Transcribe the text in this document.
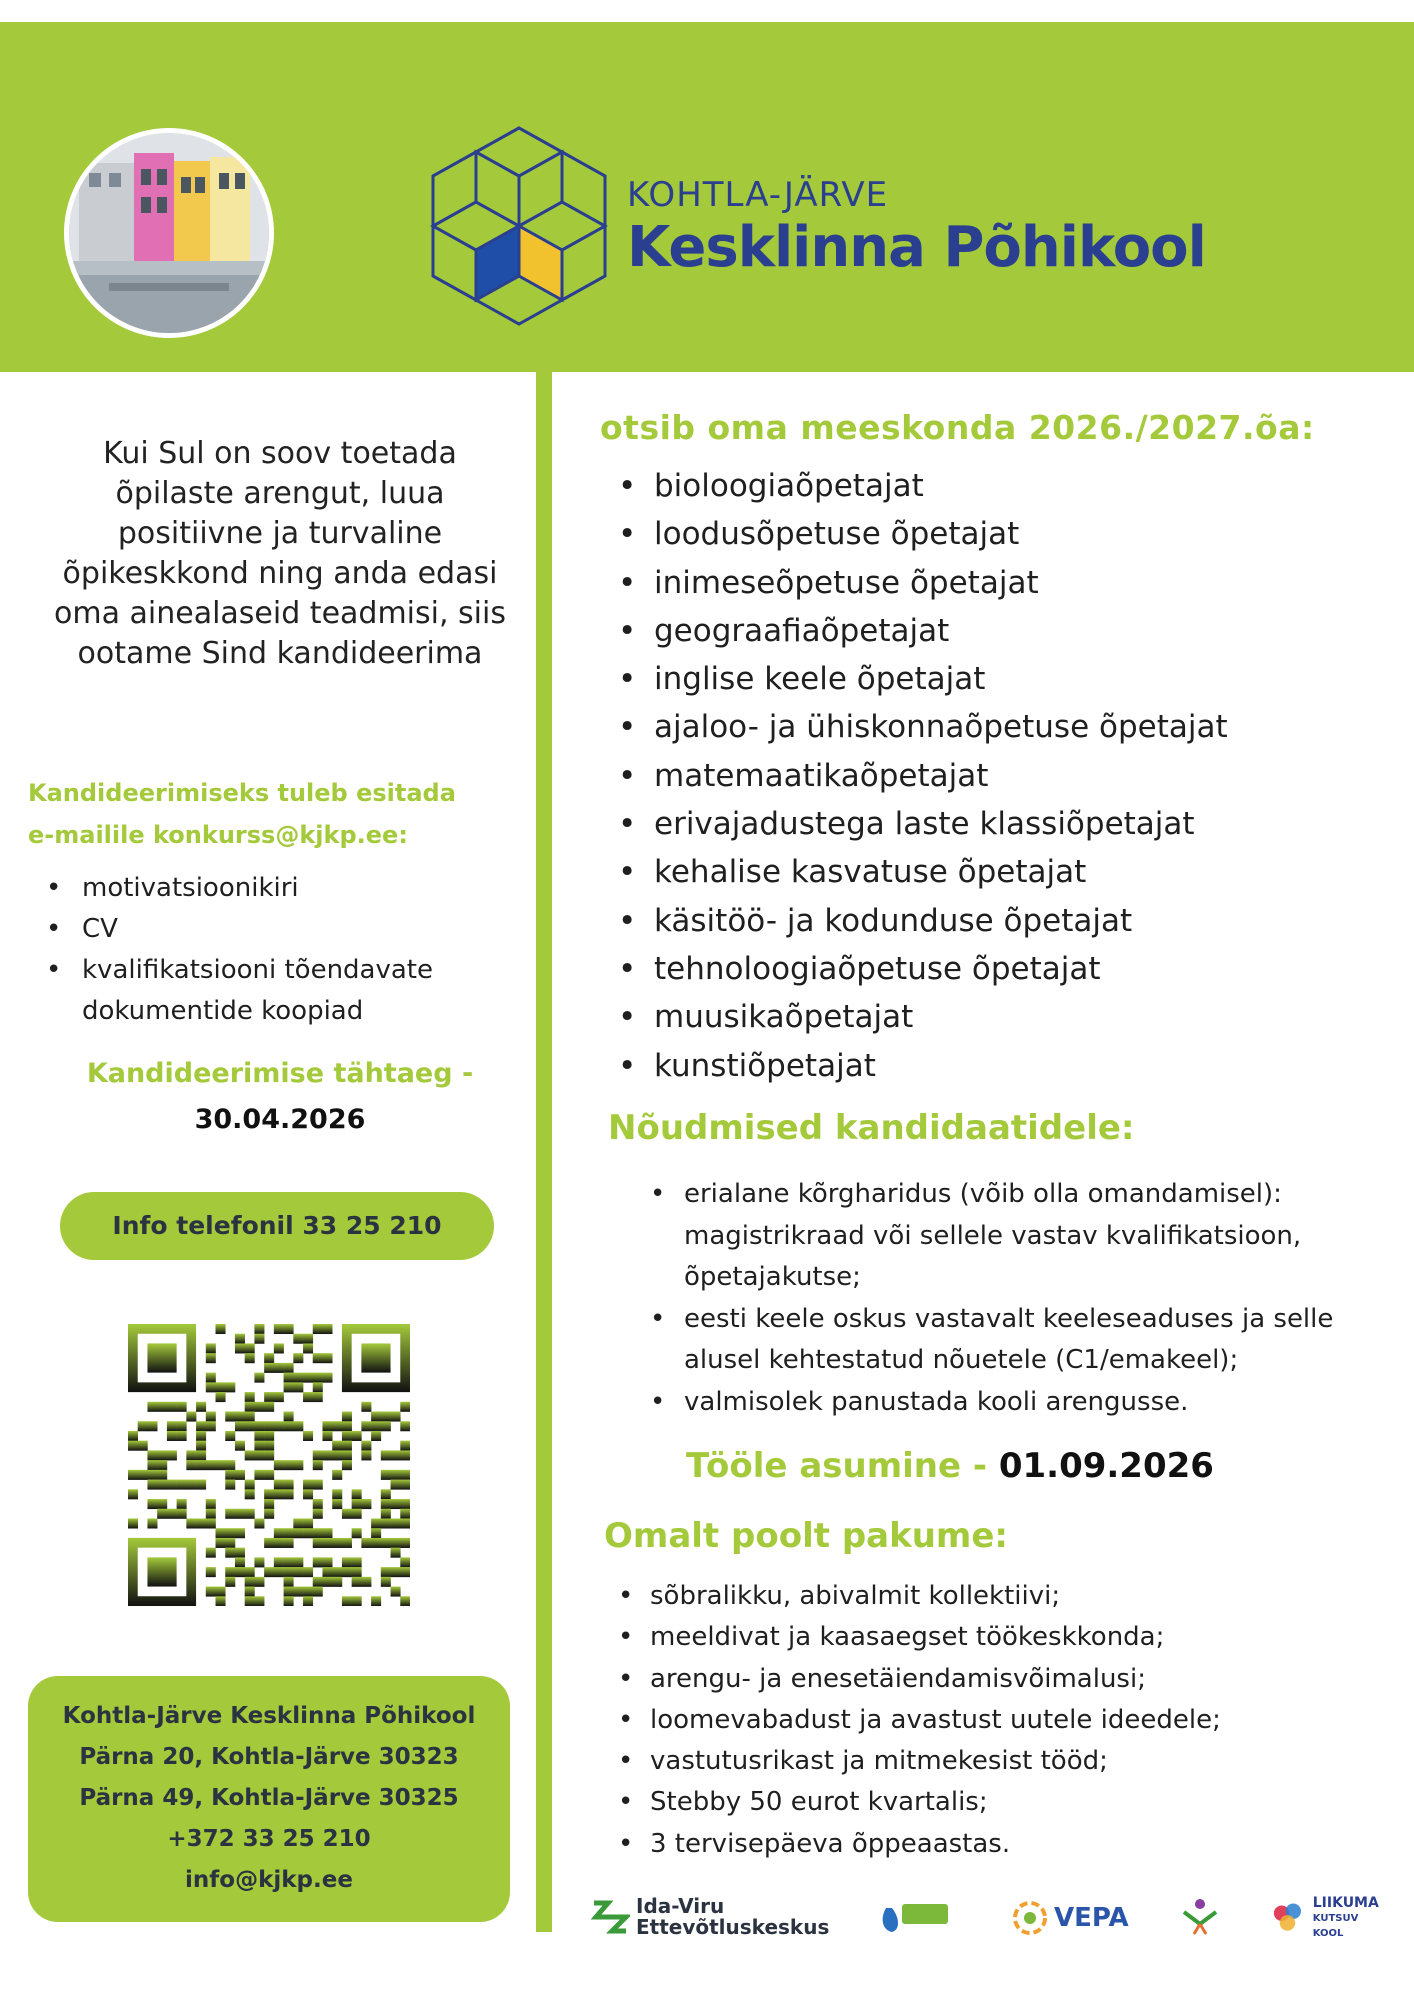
KOHTLA-JÄRVE
Kesklinna Põhikool
Kui Sul on soov toetada õpilaste arengut, luua positiivne ja turvaline õpikeskkond ning anda edasi oma ainealaseid teadmisi, siis ootame Sind kandideerima
Kandideerimiseks tuleb esitada
e-mailile konkurss@kjkp.ee:
• motivatsioonikiri
• CV
• kvalifikatsiooni tõendavate dokumentide koopiad
Kandideerimise tähtaeg -
30.04.2026
Info telefonil 33 25 210
Kohtla-Järve Kesklinna Põhikool
Pärna 20, Kohtla-Järve 30323
Pärna 49, Kohtla-Järve 30325
+372 33 25 210
info@kjkp.ee
otsib oma meeskonda 2026./2027.õa:
• bioloogiaõpetajat
• loodusõpetuse õpetajat
• inimeseõpetuse õpetajat
• geograafiaõpetajat
• inglise keele õpetajat
• ajaloo- ja ühiskonnaõpetuse õpetajat
• matemaatikaõpetajat
• erivajadustega laste klassiõpetajat
• kehalise kasvatuse õpetajat
• käsitöö- ja kodunduse õpetajat
• tehnoloogiaõpetuse õpetajat
• muusikaõpetajat
• kunstiõpetajat
Nõudmised kandidaatidele:
• erialane kõrgharidus (võib olla omandamisel): magistrikraad või sellele vastav kvalifikatsioon, õpetajakutse;
• eesti keele oskus vastavalt keeleseaduses ja selle alusel kehtestatud nõuetele (C1/emakeel);
• valmisolek panustada kooli arengusse.
Tööle asumine - 01.09.2026
Omalt poolt pakume:
• sõbralikku, abivalmit kollektiivi;
• meeldivat ja kaasaegset töökeskkonda;
• arengu- ja enesetäiendamisvõimalusi;
• loomevabadust ja avastust uutele ideedele;
• vastutusrikast ja mitmekesist tööd;
• Stebby 50 eurot kvartalis;
• 3 tervisepäeva õppeaastas.
Ida-Viru
Ettevõtluskeskus	VEPA	LIIKUMA
KUTSUV KOOL
